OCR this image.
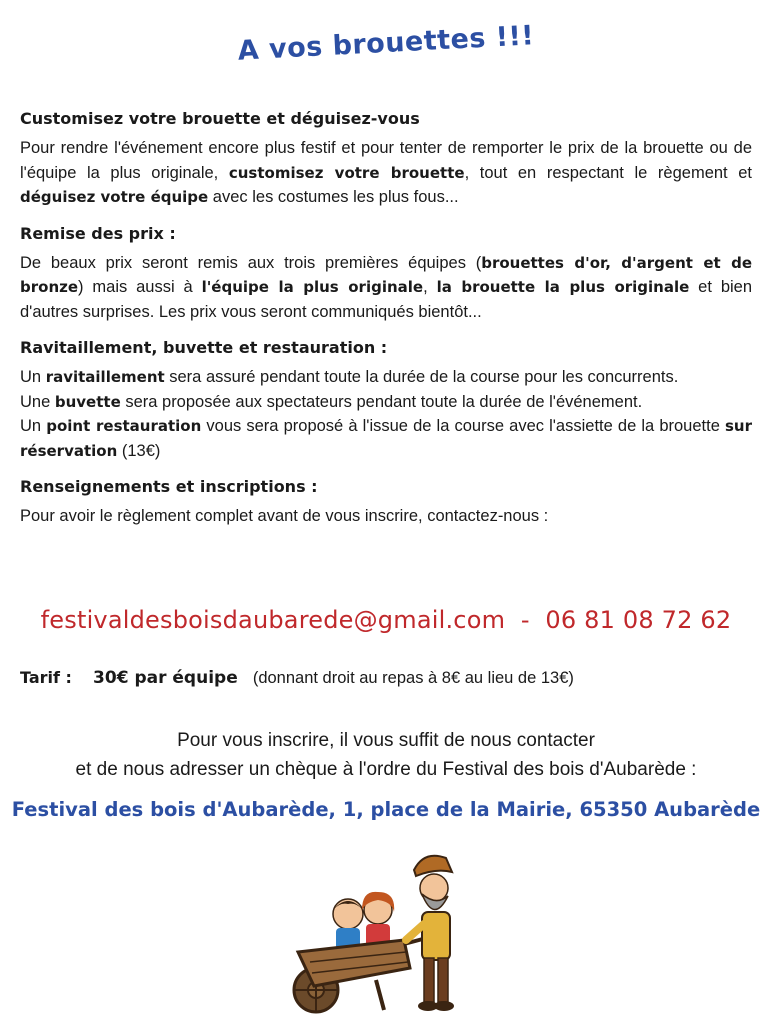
A vos brouettes !!!
Customisez votre brouette et déguisez-vous

Pour rendre l'événement encore plus festif et pour tenter de remporter le prix de la brouette ou de l'équipe la plus originale, customisez votre brouette, tout en respectant le règement et déguisez votre équipe avec les costumes les plus fous...

Remise des prix :

De beaux prix seront remis aux trois premières équipes (brouettes d'or, d'argent et de bronze) mais aussi à l'équipe la plus originale, la brouette la plus originale et bien d'autres surprises. Les prix vous seront communiqués bientôt...

Ravitaillement, buvette et restauration :

Un ravitaillement sera assuré pendant toute la durée de la course pour les concurrents.
Une buvette sera proposée aux spectateurs pendant toute la durée de l'événement.
Un point restauration vous sera proposé à l'issue de la course avec l'assiette de la brouette sur réservation (13€)

Renseignements et inscriptions :

Pour avoir le règlement complet avant de vous inscrire, contactez-nous :

festivaldesboisdaubarede@gmail.com  -  06 81 08 72 62
Tarif : 30€ par équipe (donnant droit au repas à 8€ au lieu de 13€)
Pour vous inscrire, il vous suffit de nous contacter
et de nous adresser un chèque à l'ordre du Festival des bois d'Aubarède :
Festival des bois d'Aubarède, 1, place de la Mairie, 65350 Aubarède
